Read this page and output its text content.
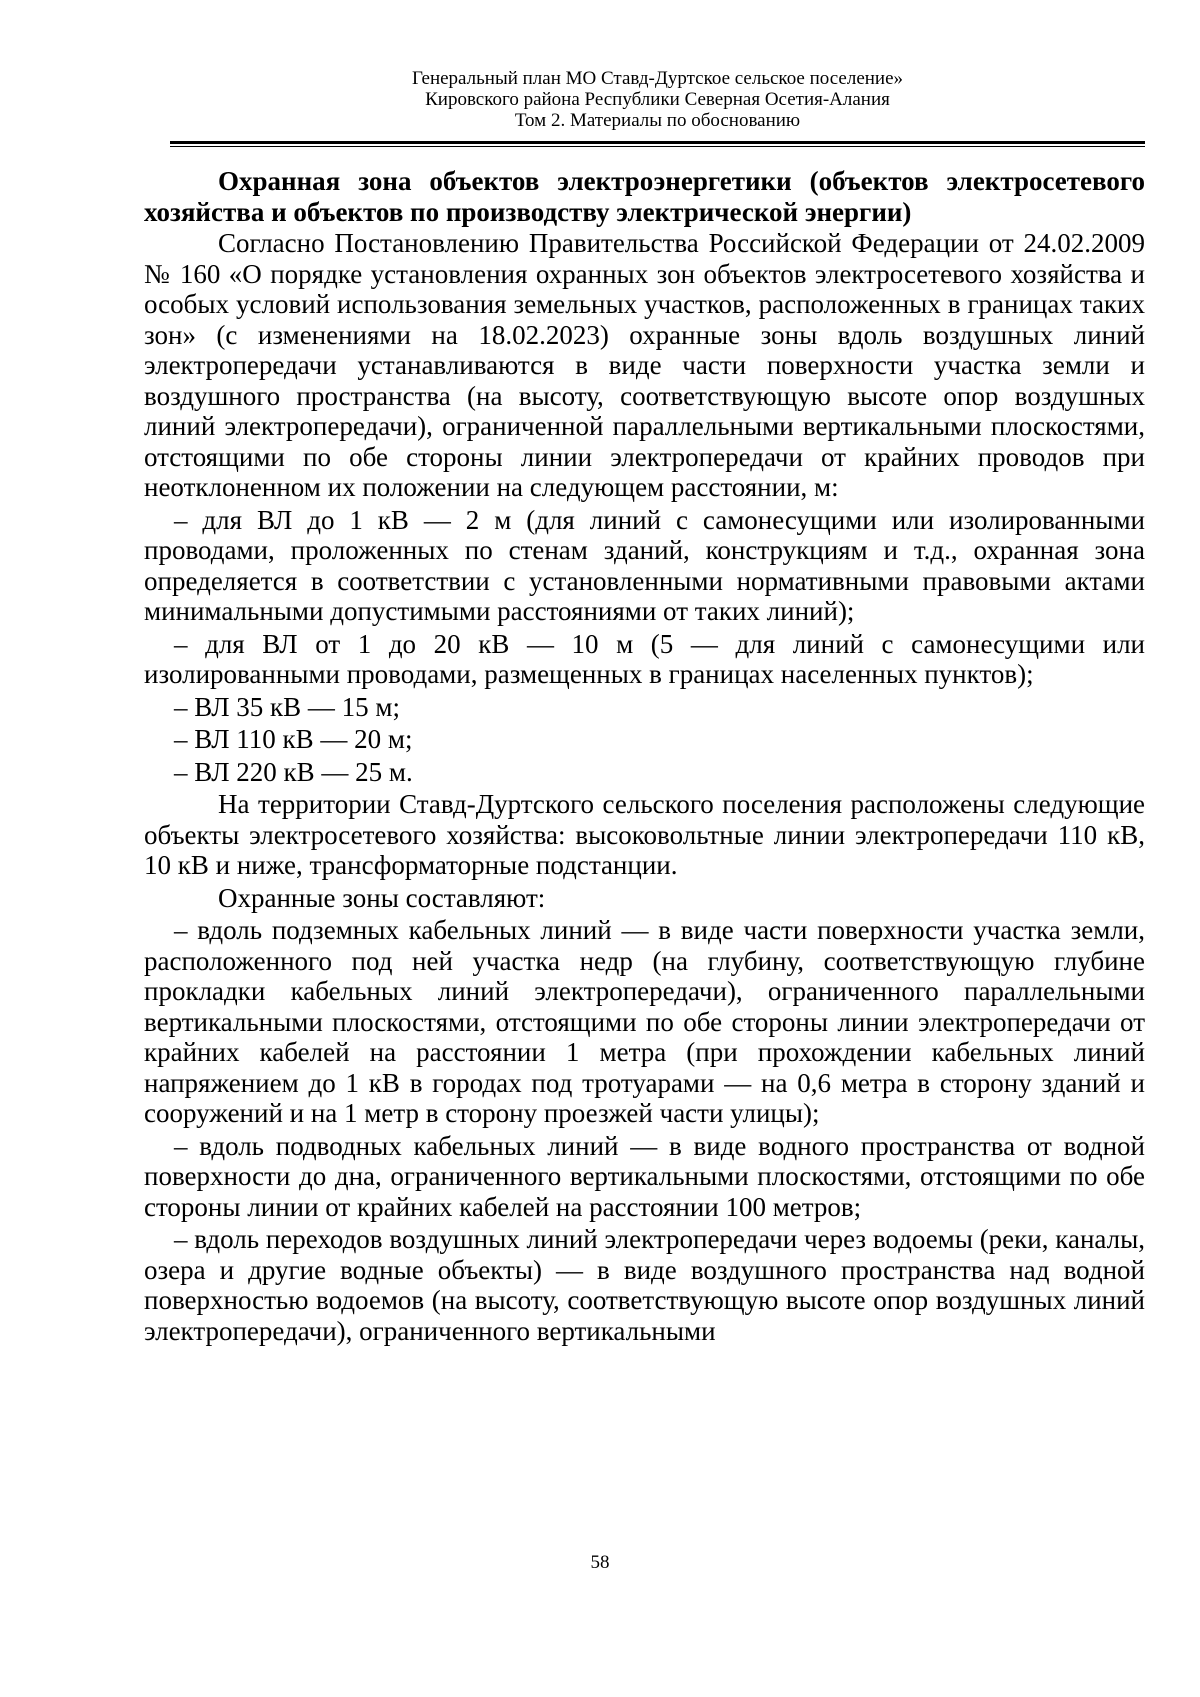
Генеральный план МО Ставд-Дуртское сельское поселение»
Кировского района Республики Северная Осетия-Алания
Том 2. Материалы по обоснованию

Охранная зона объектов электроэнергетики (объектов электросетевого хозяйства и объектов по производству электрической энергии)

Согласно Постановлению Правительства Российской Федерации от 24.02.2009 № 160 «О порядке установления охранных зон объектов электросетевого хозяйства и особых условий использования земельных участков, расположенных в границах таких зон» (с изменениями на 18.02.2023) охранные зоны вдоль воздушных линий электропередачи устанавливаются в виде части поверхности участка земли и воздушного пространства (на высоту, соответствующую высоте опор воздушных линий электропередачи), ограниченной параллельными вертикальными плоскостями, отстоящими по обе стороны линии электропередачи от крайних проводов при неотклоненном их положении на следующем расстоянии, м:

– для ВЛ до 1 кВ — 2 м (для линий с самонесущими или изолированными проводами, проложенных по стенам зданий, конструкциям и т.д., охранная зона определяется в соответствии с установленными нормативными правовыми актами минимальными допустимыми расстояниями от таких линий);

– для ВЛ от 1 до 20 кВ — 10 м (5 — для линий с самонесущими или изолированными проводами, размещенных в границах населенных пунктов);

– ВЛ 35 кВ — 15 м;

– ВЛ 110 кВ — 20 м;

– ВЛ 220 кВ — 25 м.

На территории Ставд-Дуртского сельского поселения расположены следующие объекты электросетевого хозяйства: высоковольтные линии электропередачи 110 кВ, 10 кВ и ниже, трансформаторные подстанции.

Охранные зоны составляют:

– вдоль подземных кабельных линий — в виде части поверхности участка земли, расположенного под ней участка недр (на глубину, соответствующую глубине прокладки кабельных линий электропередачи), ограниченного параллельными вертикальными плоскостями, отстоящими по обе стороны линии электропередачи от крайних кабелей на расстоянии 1 метра (при прохождении кабельных линий напряжением до 1 кВ в городах под тротуарами — на 0,6 метра в сторону зданий и сооружений и на 1 метр в сторону проезжей части улицы);

– вдоль подводных кабельных линий — в виде водного пространства от водной поверхности до дна, ограниченного вертикальными плоскостями, отстоящими по обе стороны линии от крайних кабелей на расстоянии 100 метров;

– вдоль переходов воздушных линий электропередачи через водоемы (реки, каналы, озера и другие водные объекты) — в виде воздушного пространства над водной поверхностью водоемов (на высоту, соответствующую высоте опор воздушных линий электропередачи), ограниченного вертикальными

58
